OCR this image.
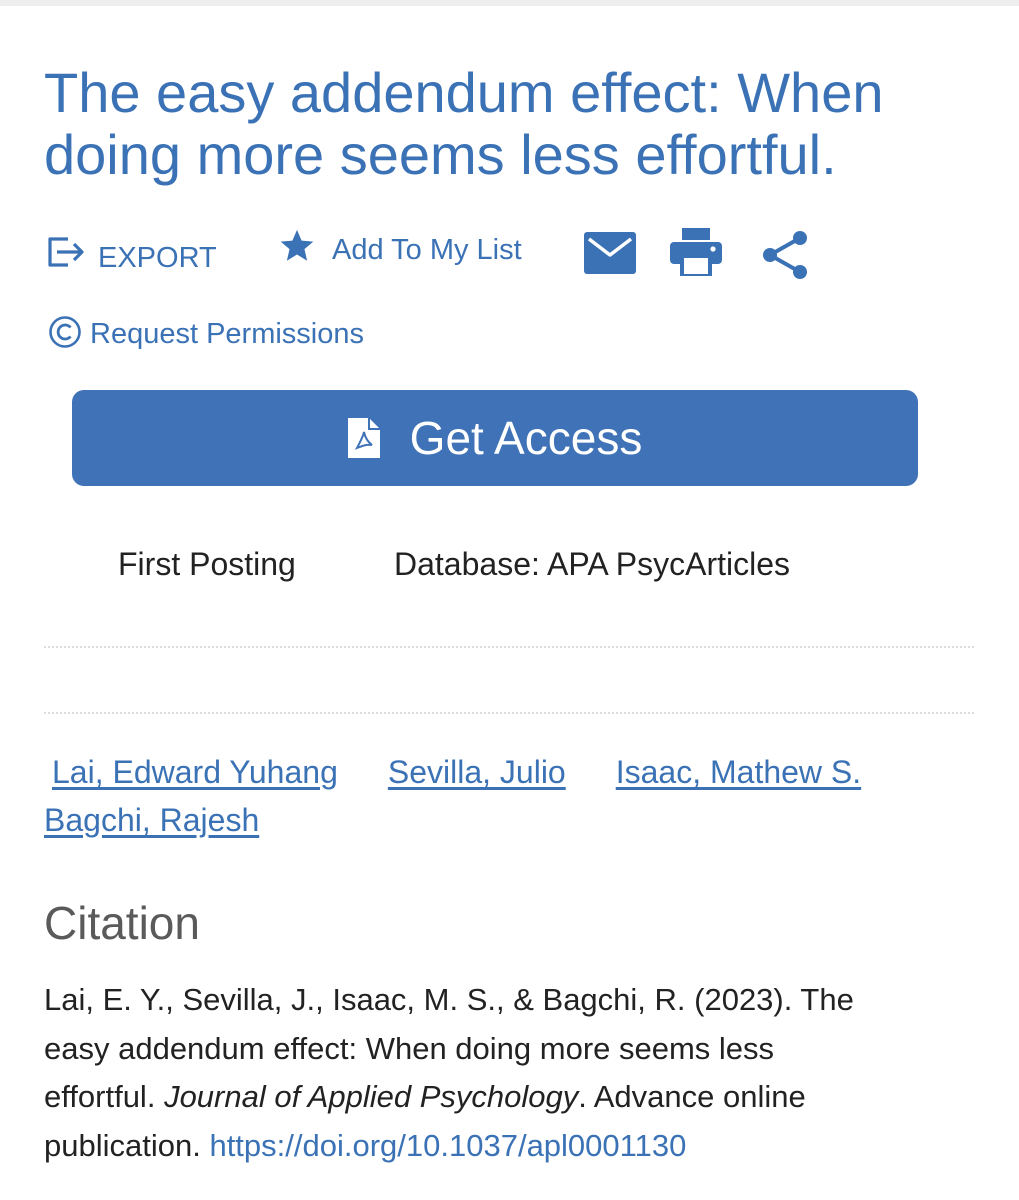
The easy addendum effect: When doing more seems less effortful.
EXPORT	Add To My List
Request Permissions
Get Access
First Posting	Database: APA PsycArticles
Lai, Edward Yuhang Sevilla, Julio Isaac, Mathew S.Bagchi, Rajesh
Citation

Lai, E. Y., Sevilla, J., Isaac, M. S., & Bagchi, R. (2023). The easy addendum effect: When doing more seems less effortful. Journal of Applied Psychology. Advance online publication. https://doi.org/10.1037/apl0001130
